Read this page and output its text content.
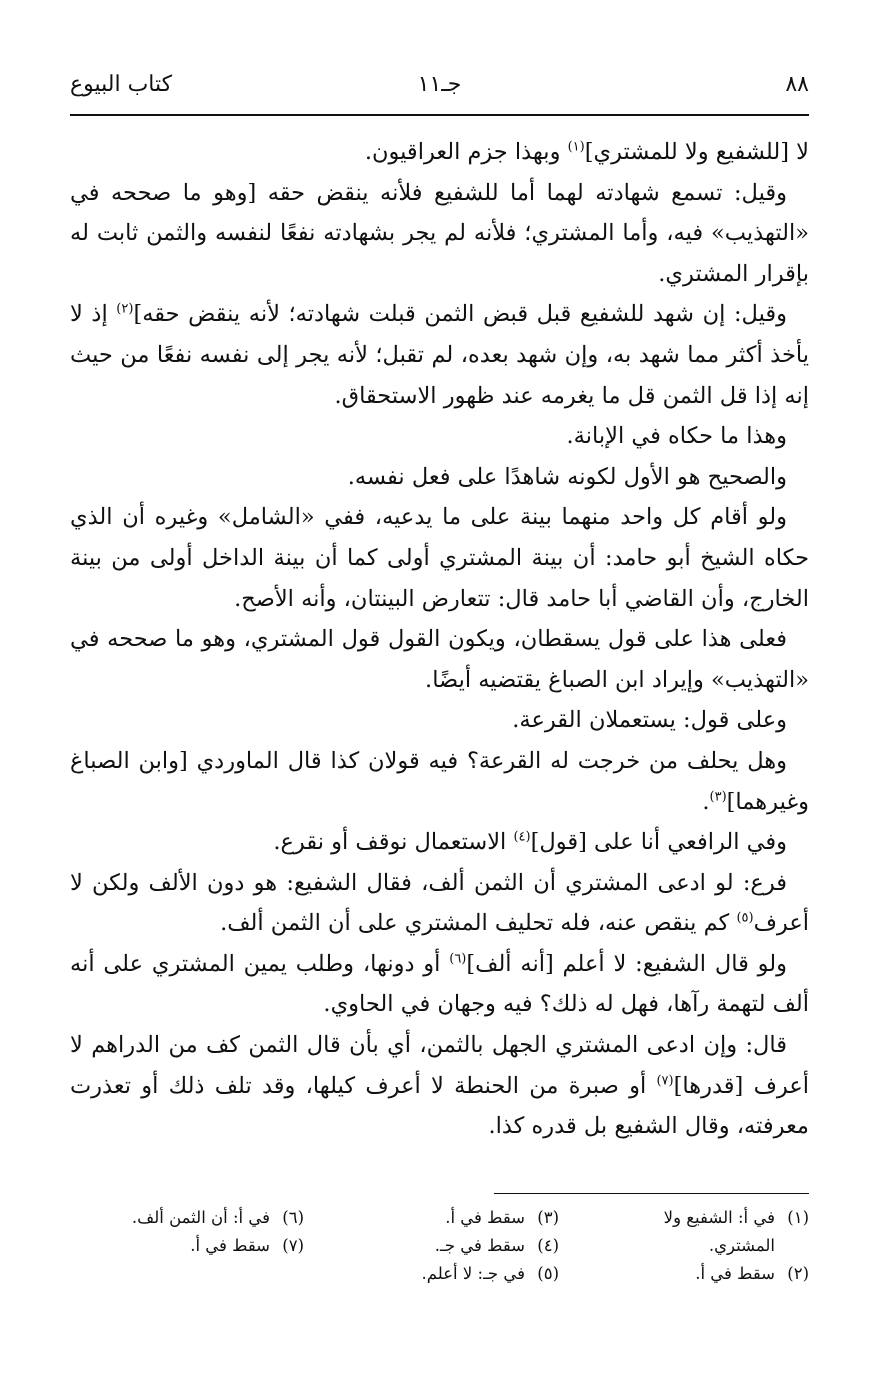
٨٨
جـ١١
كتاب البيوع

لا [للشفيع ولا للمشتري]$^{(١)}$ وبهذا جزم العراقيون.

وقيل: تسمع شهادته لهما أما للشفيع فلأنه ينقض حقه [وهو ما صححه في «التهذيب» فيه، وأما المشتري؛ فلأنه لم يجر بشهادته نفعًا لنفسه والثمن ثابت له بإقرار المشتري.

وقيل: إن شهد للشفيع قبل قبض الثمن قبلت شهادته؛ لأنه ينقض حقه]$^{(٢)}$ إذ لا يأخذ أكثر مما شهد به، وإن شهد بعده، لم تقبل؛ لأنه يجر إلى نفسه نفعًا من حيث إنه إذا قل الثمن قل ما يغرمه عند ظهور الاستحقاق.

وهذا ما حكاه في الإبانة.

والصحيح هو الأول لكونه شاهدًا على فعل نفسه.

ولو أقام كل واحد منهما بينة على ما يدعيه، ففي «الشامل» وغيره أن الذي حكاه الشيخ أبو حامد: أن بينة المشتري أولى كما أن بينة الداخل أولى من بينة الخارج، وأن القاضي أبا حامد قال: تتعارض البينتان، وأنه الأصح.

فعلى هذا على قول يسقطان، ويكون القول قول المشتري، وهو ما صححه في «التهذيب» وإيراد ابن الصباغ يقتضيه أيضًا.

وعلى قول: يستعملان القرعة.

وهل يحلف من خرجت له القرعة؟ فيه قولان كذا قال الماوردي [وابن الصباغ وغيرهما]$^{(٣)}$.

وفي الرافعي أنا على [قول]$^{(٤)}$ الاستعمال نوقف أو نقرع.

فرع: لو ادعى المشتري أن الثمن ألف، فقال الشفيع: هو دون الألف ولكن لا أعرف$^{(٥)}$ كم ينقص عنه، فله تحليف المشتري على أن الثمن ألف.

ولو قال الشفيع: لا أعلم [أنه ألف]$^{(٦)}$ أو دونها، وطلب يمين المشتري على أنه ألف لتهمة رآها، فهل له ذلك؟ فيه وجهان في الحاوي.

قال: وإن ادعى المشتري الجهل بالثمن، أي بأن قال الثمن كف من الدراهم لا أعرف [قدرها]$^{(٧)}$ أو صبرة من الحنطة لا أعرف كيلها، وقد تلف ذلك أو تعذرت معرفته، وقال الشفيع بل قدره كذا.

(١)في أ: الشفيع ولا

المشتري.

(٢)سقط في أ.

(٣)سقط في أ.

(٤)سقط في جـ.

(٥)في جـ: لا أعلم.

(٦)في أ: أن الثمن ألف.

(٧)سقط في أ.
